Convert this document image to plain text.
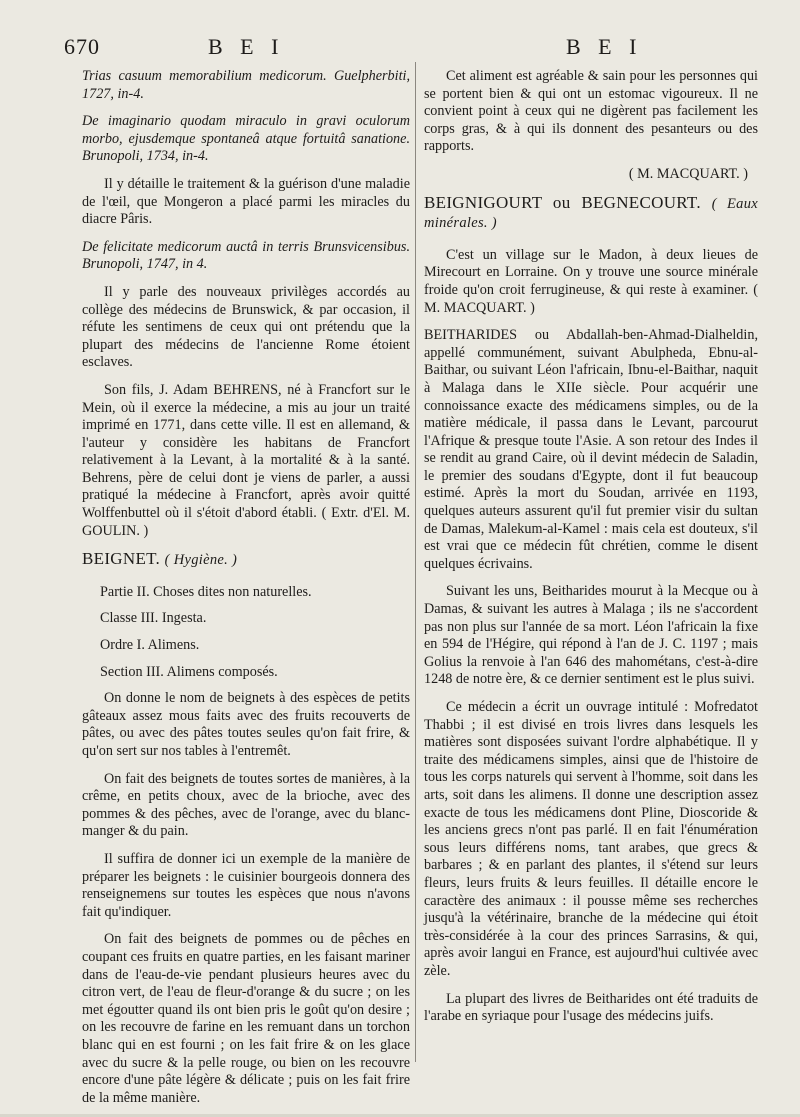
670	B E I	B E I

Trias casuum memorabilium medicorum. Guelpherbiti, 1727, in-4.

De imaginario quodam miraculo in gravi oculorum morbo, ejusdemque spontaneâ atque fortuitâ sanatione. Brunopoli, 1734, in-4.

Il y détaille le traitement & la guérison d'une maladie de l'œil, que Mongeron a placé parmi les miracles du diacre Pâris.

De felicitate medicorum auctâ in terris Brunsvicensibus. Brunopoli, 1747, in 4.

Il y parle des nouveaux privilèges accordés au collège des médecins de Brunswick, & par occasion, il réfute les sentimens de ceux qui ont prétendu que la plupart des médecins de l'ancienne Rome étoient esclaves.

Son fils, J. Adam BEHRENS, né à Francfort sur le Mein, où il exerce la médecine, a mis au jour un traité imprimé en 1771, dans cette ville. Il est en allemand, & l'auteur y considère les habitans de Francfort relativement à la Levant, à la mortalité & à la santé. Behrens, père de celui dont je viens de parler, a aussi pratiqué la médecine à Francfort, après avoir quitté Wolffenbuttel où il s'étoit d'abord établi. ( Extr. d'El. M. GOULIN. )

BEIGNET. ( Hygiène. )

Partie II. Choses dites non naturelles.

Classe III. Ingesta.

Ordre I. Alimens.

Section III. Alimens composés.

On donne le nom de beignets à des espèces de petits gâteaux assez mous faits avec des fruits recouverts de pâtes, ou avec des pâtes toutes seules qu'on fait frire, & qu'on sert sur nos tables à l'entremêt.

On fait des beignets de toutes sortes de manières, à la crême, en petits choux, avec de la brioche, avec des pommes & des pêches, avec de l'orange, avec du blanc-manger & du pain.

Il suffira de donner ici un exemple de la manière de préparer les beignets : le cuisinier bourgeois donnera des renseignemens sur toutes les espèces que nous n'avons fait qu'indiquer.

On fait des beignets de pommes ou de pêches en coupant ces fruits en quatre parties, en les faisant mariner dans de l'eau-de-vie pendant plusieurs heures avec du citron vert, de l'eau de fleur-d'orange & du sucre ; on les met égoutter quand ils ont bien pris le goût qu'on desire ; on les recouvre de farine en les remuant dans un torchon blanc qui en est fourni ; on les fait frire & on les glace avec du sucre & la pelle rouge, ou bien on les recouvre encore d'une pâte légère & délicate ; puis on les fait frire de la même manière.

Cet aliment est agréable & sain pour les personnes qui se portent bien & qui ont un estomac vigoureux. Il ne convient point à ceux qui ne digèrent pas facilement les corps gras, & à qui ils donnent des pesanteurs ou des rapports.

( M. MACQUART. )

BEIGNIGOURT ou BEGNECOURT. ( Eaux minérales. )

C'est un village sur le Madon, à deux lieues de Mirecourt en Lorraine. On y trouve une source minérale froide qu'on croit ferrugineuse, & qui reste à examiner. ( M. MACQUART. )

BEITHARIDES ou Abdallah-ben-Ahmad-Dialheldin, appellé communément, suivant Abulpheda, Ebnu-al-Baithar, ou suivant Léon l'africain, Ibnu-el-Baithar, naquit à Malaga dans le XIIe siècle. Pour acquérir une connoissance exacte des médicamens simples, ou de la matière médicale, il passa dans le Levant, parcourut l'Afrique & presque toute l'Asie. A son retour des Indes il se rendit au grand Caire, où il devint médecin de Saladin, le premier des soudans d'Egypte, dont il fut beaucoup estimé. Après la mort du Soudan, arrivée en 1193, quelques auteurs assurent qu'il fut premier visir du sultan de Damas, Malekum-al-Kamel : mais cela est douteux, s'il est vrai que ce médecin fût chrétien, comme le disent quelques écrivains.

Suivant les uns, Beitharides mourut à la Mecque ou à Damas, & suivant les autres à Malaga ; ils ne s'accordent pas non plus sur l'année de sa mort. Léon l'africain la fixe en 594 de l'Hégire, qui répond à l'an de J. C. 1197 ; mais Golius la renvoie à l'an 646 des mahométans, c'est-à-dire 1248 de notre ère, & ce dernier sentiment est le plus suivi.

Ce médecin a écrit un ouvrage intitulé : Mofredatot Thabbi ; il est divisé en trois livres dans lesquels les matières sont disposées suivant l'ordre alphabétique. Il y traite des médicamens simples, ainsi que de l'histoire de tous les corps naturels qui servent à l'homme, soit dans les arts, soit dans les alimens. Il donne une description assez exacte de tous les médicamens dont Pline, Dioscoride & les anciens grecs n'ont pas parlé. Il en fait l'énumération sous leurs différens noms, tant arabes, que grecs & barbares ; & en parlant des plantes, il s'étend sur leurs fleurs, leurs fruits & leurs feuilles. Il détaille encore le caractère des animaux : il pousse même ses recherches jusqu'à la vétérinaire, branche de la médecine qui étoit très-considérée à la cour des princes Sarrasins, & qui, après avoir langui en France, est aujourd'hui cultivée avec zèle.

La plupart des livres de Beitharides ont été traduits de l'arabe en syriaque pour l'usage des médecins juifs.
